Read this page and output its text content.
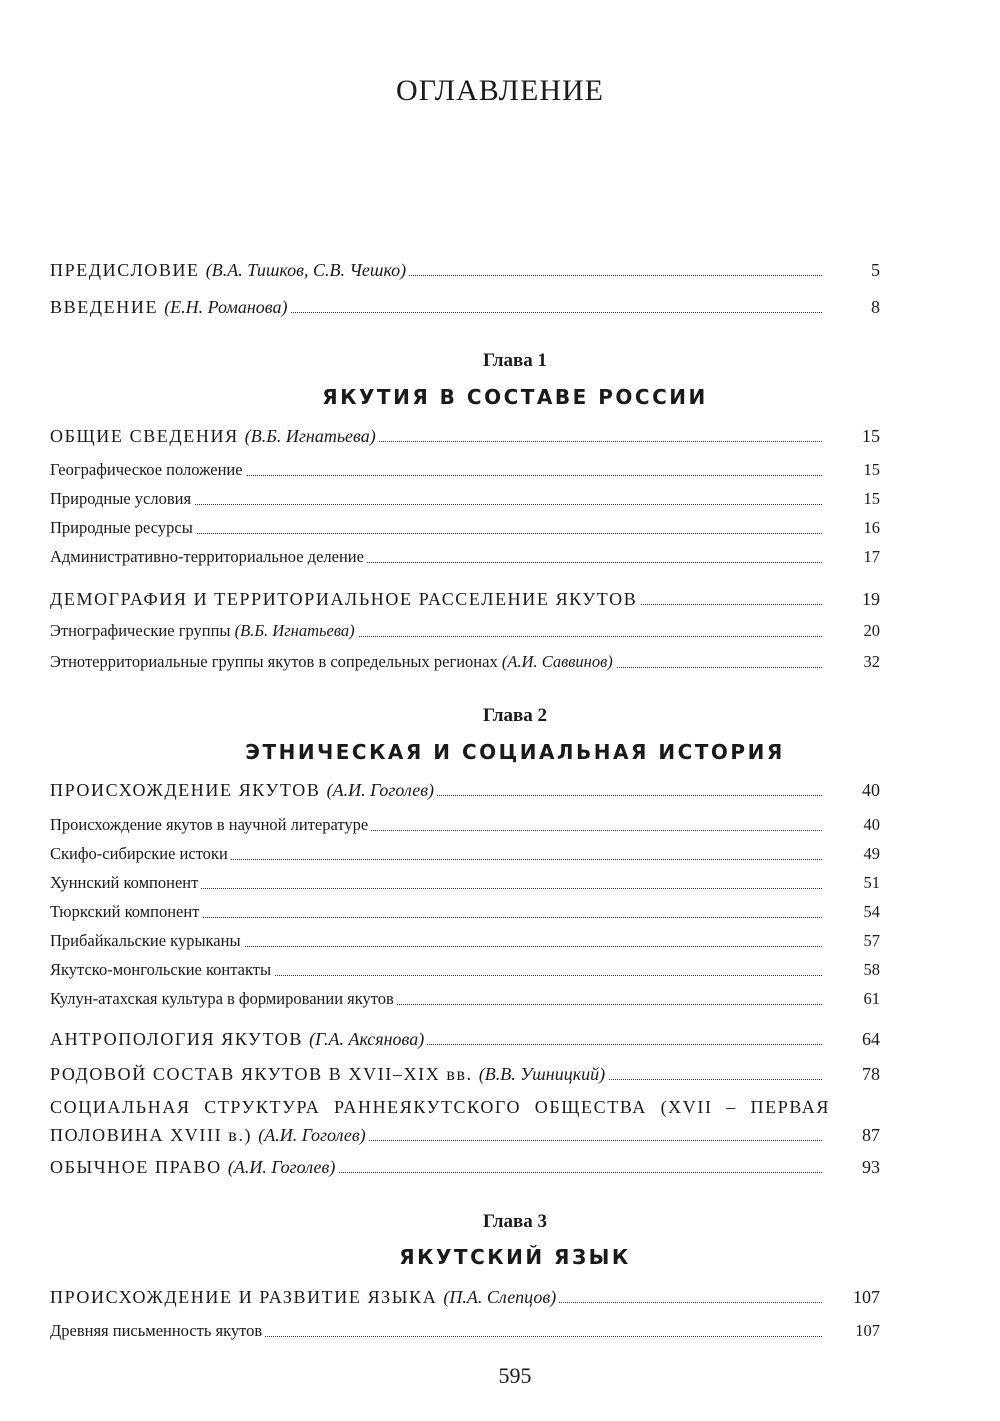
ОГЛАВЛЕНИЕ
ПРЕДИСЛОВИЕ (В.А. Тишков, С.В. Чешко)	5
ВВЕДЕНИЕ (Е.Н. Романова)	8
Глава 1
ЯКУТИЯ В СОСТАВЕ РОССИИ
ОБЩИЕ СВЕДЕНИЯ (В.Б. Игнатьева)	15
Географическое положение	15
Природные условия	15
Природные ресурсы	16
Административно-территориальное деление	17
ДЕМОГРАФИЯ И ТЕРРИТОРИАЛЬНОЕ РАССЕЛЕНИЕ ЯКУТОВ	19
Этнографические группы (В.Б. Игнатьева)	20
Этнотерриториальные группы якутов в сопредельных регионах (А.И. Саввинов)	32
Глава 2
ЭТНИЧЕСКАЯ И СОЦИАЛЬНАЯ ИСТОРИЯ
ПРОИСХОЖДЕНИЕ ЯКУТОВ (А.И. Гоголев)	40
Происхождение якутов в научной литературе	40
Скифо-сибирские истоки	49
Хуннский компонент	51
Тюркский компонент	54
Прибайкальские курыканы	57
Якутско-монгольские контакты	58
Кулун-атахская культура в формировании якутов	61
АНТРОПОЛОГИЯ ЯКУТОВ (Г.А. Аксянова)	64
РОДОВОЙ СОСТАВ ЯКУТОВ В XVII–XIX вв. (В.В. Ушницкий)	78
СОЦИАЛЬНАЯ СТРУКТУРА РАННЕЯКУТСКОГО ОБЩЕСТВА (XVII – ПЕРВАЯ
ПОЛОВИНА XVIII в.) (А.И. Гоголев)	87
ОБЫЧНОЕ ПРАВО (А.И. Гоголев)	93
Глава 3
ЯКУТСКИЙ ЯЗЫК
ПРОИСХОЖДЕНИЕ И РАЗВИТИЕ ЯЗЫКА (П.А. Слепцов)	107
Древняя письменность якутов	107
595
